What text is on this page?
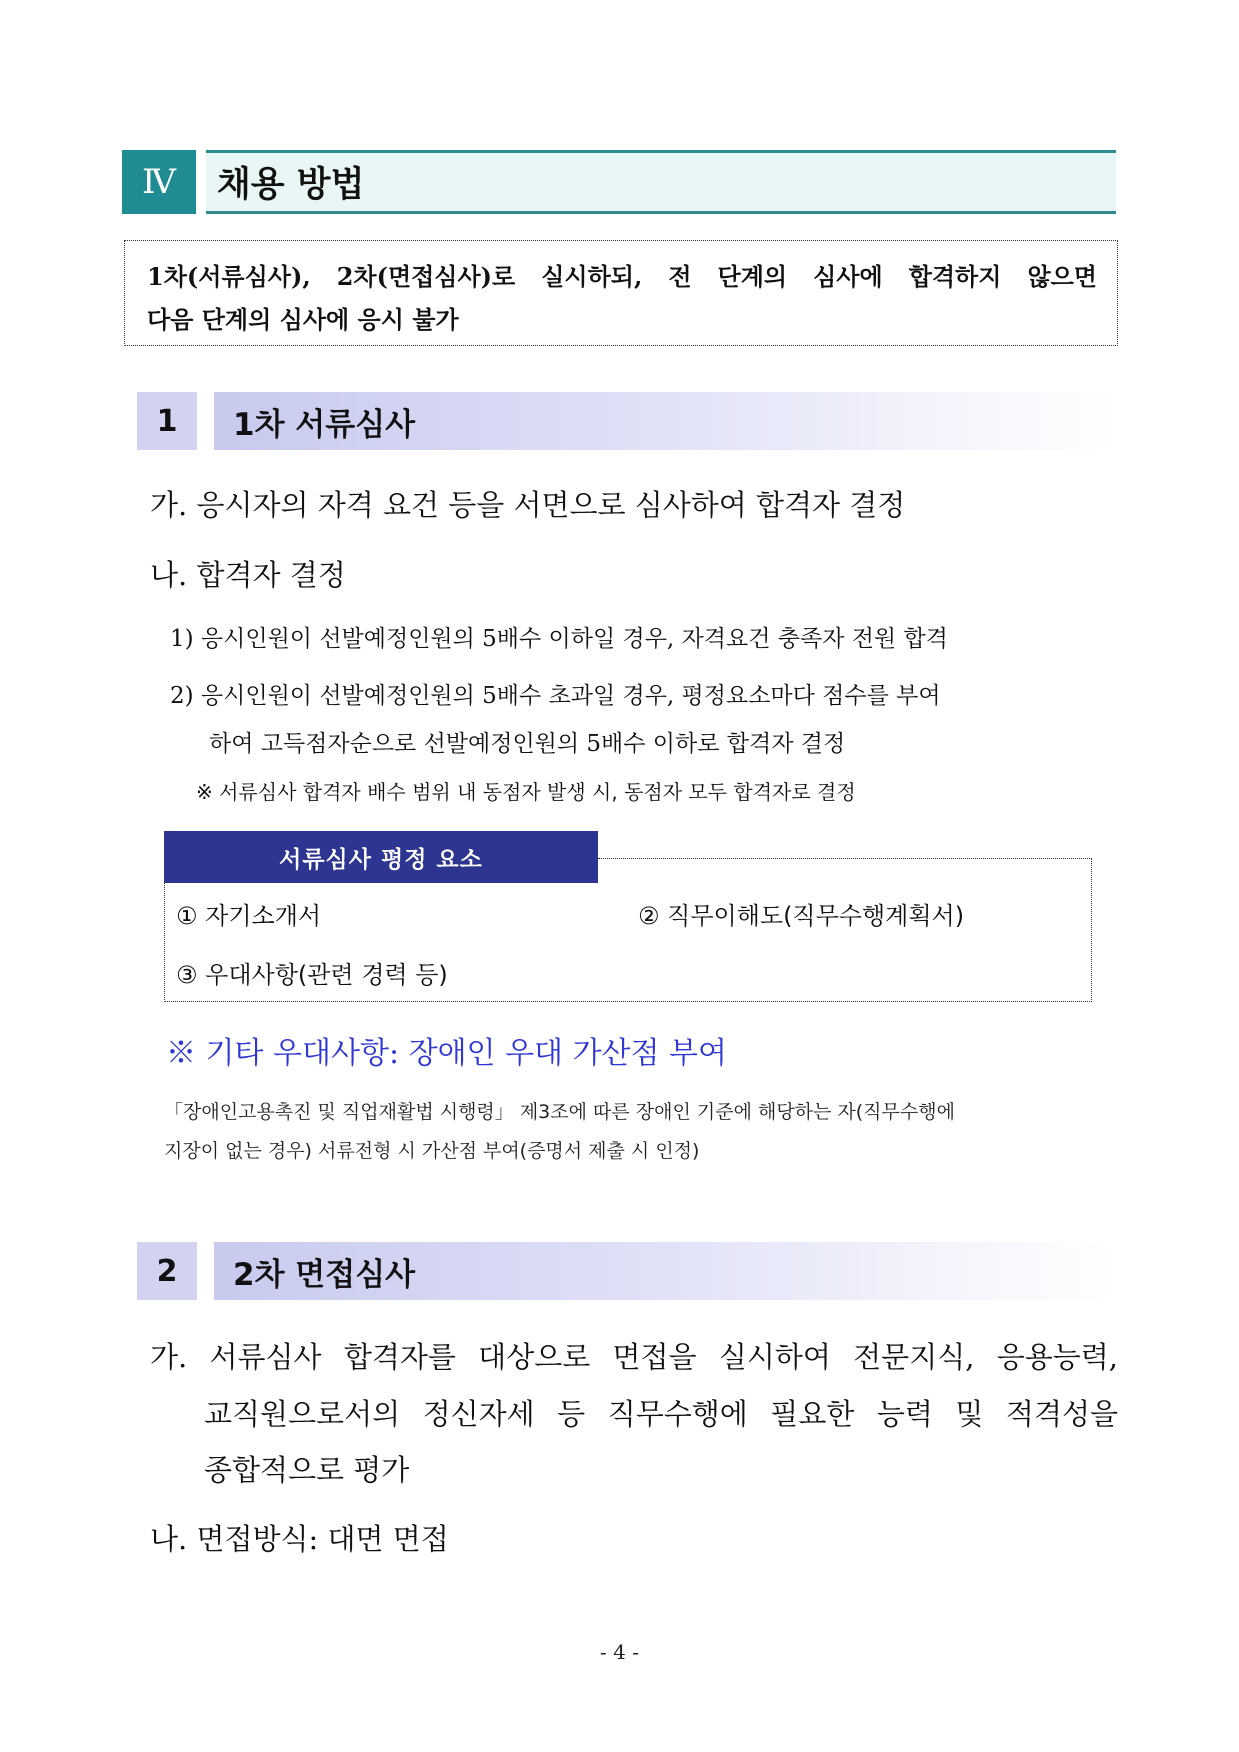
Ⅳ	채용 방법
1차(서류심사), 2차(면접심사)로 실시하되, 전 단계의 심사에 합격하지 않으면
다음 단계의 심사에 응시 불가
1	1차 서류심사
가. 응시자의 자격 요건 등을 서면으로 심사하여 합격자 결정
나. 합격자 결정
1) 응시인원이 선발예정인원의 5배수 이하일 경우, 자격요건 충족자 전원 합격
2) 응시인원이 선발예정인원의 5배수 초과일 경우, 평정요소마다 점수를 부여
하여 고득점자순으로 선발예정인원의 5배수 이하로 합격자 결정
※ 서류심사 합격자 배수 범위 내 동점자 발생 시, 동점자 모두 합격자로 결정
서류심사 평정 요소
① 자기소개서	② 직무이해도(직무수행계획서)
③ 우대사항(관련 경력 등)
※ 기타 우대사항: 장애인 우대 가산점 부여
「장애인고용촉진 및 직업재활법 시행령」 제3조에 따른 장애인 기준에 해당하는 자(직무수행에
지장이 없는 경우) 서류전형 시 가산점 부여(증명서 제출 시 인정)
2	2차 면접심사
가. 서류심사 합격자를 대상으로 면접을 실시하여 전문지식, 응용능력,
교직원으로서의 정신자세 등 직무수행에 필요한 능력 및 적격성을
종합적으로 평가
나. 면접방식: 대면 면접
- 4 -
